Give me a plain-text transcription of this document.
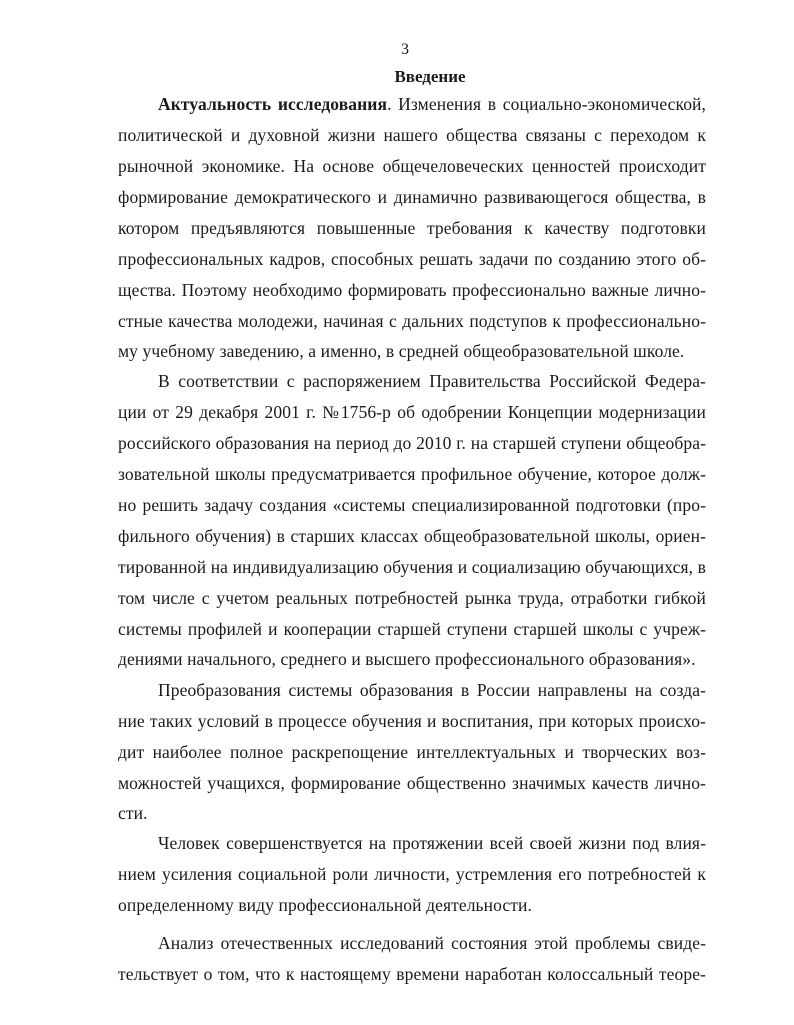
3
Введение
Актуальность исследования. Изменения в социально-экономической,
политической и духовной жизни нашего общества связаны с переходом к
рыночной экономике. На основе общечеловеческих ценностей происходит
формирование демократического и динамично развивающегося общества, в
котором предъявляются повышенные требования к качеству подготовки
профессиональных кадров, способных решать задачи по созданию этого об-
щества. Поэтому необходимо формировать профессионально важные лично-
стные качества молодежи, начиная с дальних подступов к профессионально-
му учебному заведению, а именно, в средней общеобразовательной школе.
В соответствии с распоряжением Правительства Российской Федера-
ции от 29 декабря 2001 г. №1756-р об одобрении Концепции модернизации
российского образования на период до 2010 г. на старшей ступени общеобра-
зовательной школы предусматривается профильное обучение, которое долж-
но решить задачу создания «системы специализированной подготовки (про-
фильного обучения) в старших классах общеобразовательной школы, ориен-
тированной на индивидуализацию обучения и социализацию обучающихся, в
том числе с учетом реальных потребностей рынка труда, отработки гибкой
системы профилей и кооперации старшей ступени старшей школы с учреж-
дениями начального, среднего и высшего профессионального образования».
Преобразования системы образования в России направлены на созда-
ние таких условий в процессе обучения и воспитания, при которых происхо-
дит наиболее полное раскрепощение интеллектуальных и творческих воз-
можностей учащихся, формирование общественно значимых качеств лично-
сти.
Человек совершенствуется на протяжении всей своей жизни под влия-
нием усиления социальной роли личности, устремления его потребностей к
определенному виду профессиональной деятельности.
Анализ отечественных исследований состояния этой проблемы свиде-
тельствует о том, что к настоящему времени наработан колоссальный теоре-
